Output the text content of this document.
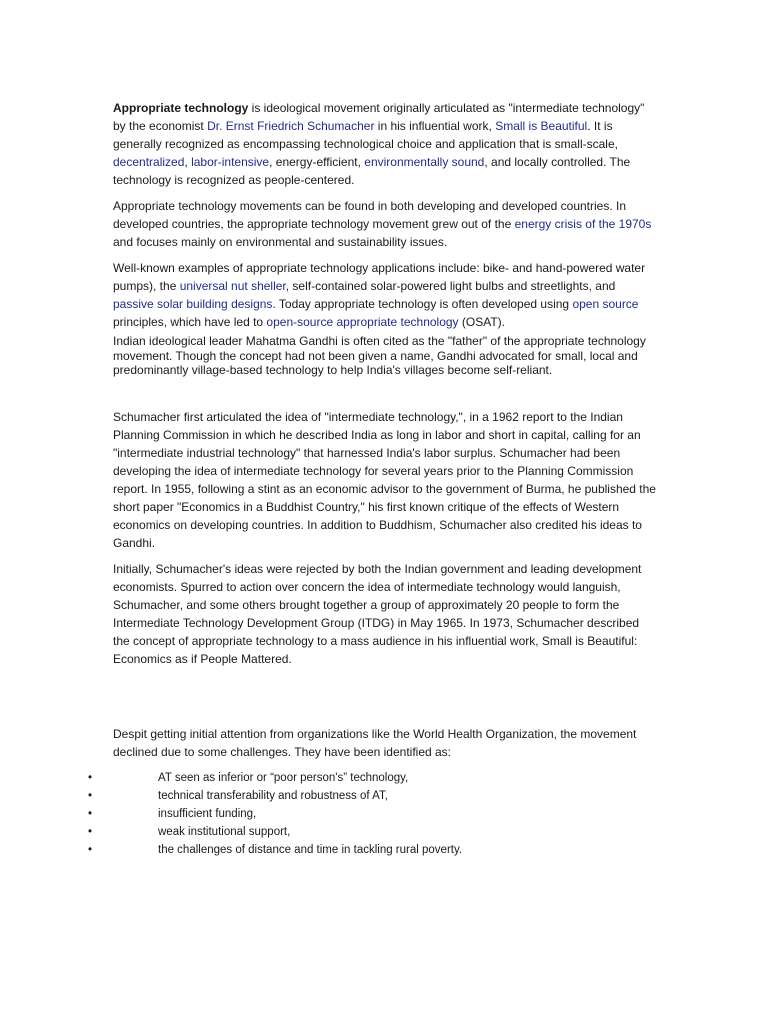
Appropriate technology is ideological movement originally articulated as "intermediate technology" by the economist Dr. Ernst Friedrich Schumacher in his influential work, Small is Beautiful. It is generally recognized as encompassing technological choice and application that is small-scale, decentralized, labor-intensive, energy-efficient, environmentally sound, and locally controlled. The technology is recognized as people-centered.

Appropriate technology movements can be found in both developing and developed countries. In developed countries, the appropriate technology movement grew out of the energy crisis of the 1970s and focuses mainly on environmental and sustainability issues.

Well-known examples of appropriate technology applications include: bike- and hand-powered water pumps), the universal nut sheller, self-contained solar-powered light bulbs and streetlights, and passive solar building designs. Today appropriate technology is often developed using open source principles, which have led to open-source appropriate technology (OSAT).

Indian ideological leader Mahatma Gandhi is often cited as the "father" of the appropriate technology movement. Though the concept had not been given a name, Gandhi advocated for small, local and predominantly village-based technology to help India's villages become self-reliant.

Schumacher first articulated the idea of "intermediate technology,", in a 1962 report to the Indian Planning Commission in which he described India as long in labor and short in capital, calling for an "intermediate industrial technology" that harnessed India's labor surplus. Schumacher had been developing the idea of intermediate technology for several years prior to the Planning Commission report. In 1955, following a stint as an economic advisor to the government of Burma, he published the short paper "Economics in a Buddhist Country," his first known critique of the effects of Western economics on developing countries. In addition to Buddhism, Schumacher also credited his ideas to Gandhi.

Initially, Schumacher's ideas were rejected by both the Indian government and leading development economists. Spurred to action over concern the idea of intermediate technology would languish, Schumacher, and some others brought together a group of approximately 20 people to form the Intermediate Technology Development Group (ITDG) in May 1965. In 1973, Schumacher described the concept of appropriate technology to a mass audience in his influential work, Small is Beautiful: Economics as if People Mattered.

Despit getting initial attention from organizations like the World Health Organization, the movement declined due to some challenges. They have been identified as:

•	AT seen as inferior or “poor person's” technology,
•	technical transferability and robustness of AT,
•	insufficient funding,
•	weak institutional support,
•	the challenges of distance and time in tackling rural poverty.
